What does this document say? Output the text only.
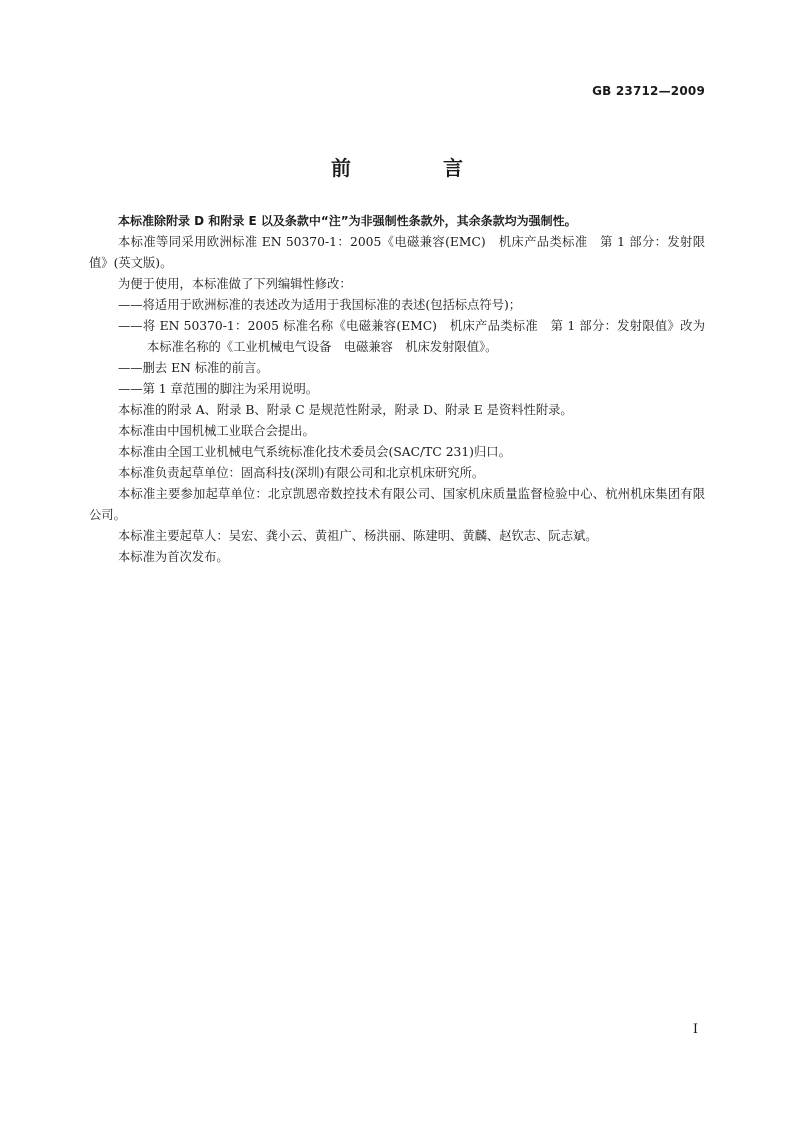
GB 23712—2009
前　言

本标准除附录 D 和附录 E 以及条款中“注”为非强制性条款外，其余条款均为强制性。

本标准等同采用欧洲标准 EN 50370-1：2005《电磁兼容(EMC)　机床产品类标准　第 1 部分：发射限值》(英文版)。

为便于使用，本标准做了下列编辑性修改：

——将适用于欧洲标准的表述改为适用于我国标准的表述(包括标点符号)；

——将 EN 50370-1：2005 标准名称《电磁兼容(EMC)　机床产品类标准　第 1 部分：发射限值》改为本标准名称的《工业机械电气设备　电磁兼容　机床发射限值》。

——删去 EN 标准的前言。

——第 1 章范围的脚注为采用说明。

本标准的附录 A、附录 B、附录 C 是规范性附录，附录 D、附录 E 是资料性附录。

本标准由中国机械工业联合会提出。

本标准由全国工业机械电气系统标准化技术委员会(SAC/TC 231)归口。

本标准负责起草单位：固高科技(深圳)有限公司和北京机床研究所。

本标准主要参加起草单位：北京凯恩帝数控技术有限公司、国家机床质量监督检验中心、杭州机床集团有限公司。

本标准主要起草人：吴宏、龚小云、黄祖广、杨洪丽、陈建明、黄麟、赵钦志、阮志斌。

本标准为首次发布。

I
